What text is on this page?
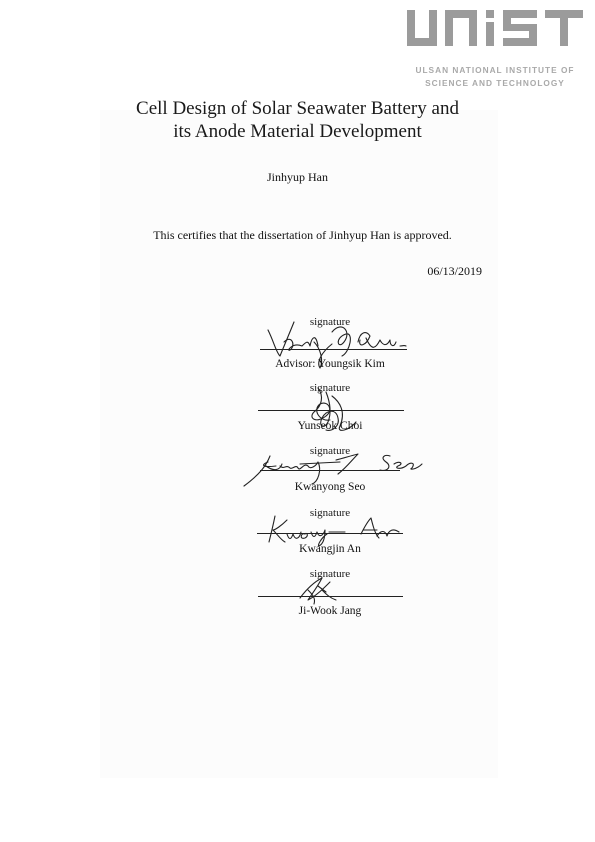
ULSAN NATIONAL INSTITUTE OF
SCIENCE AND TECHNOLOGY
Cell Design of Solar Seawater Battery and
its Anode Material Development
Jinhyup Han
This certifies that the dissertation of Jinhyup Han is approved.
06/13/2019
signature
Advisor: Youngsik Kim
signature
Yunseok Choi
signature
Kwanyong Seo
signature
Kwangjin An
signature
Ji-Wook Jang
